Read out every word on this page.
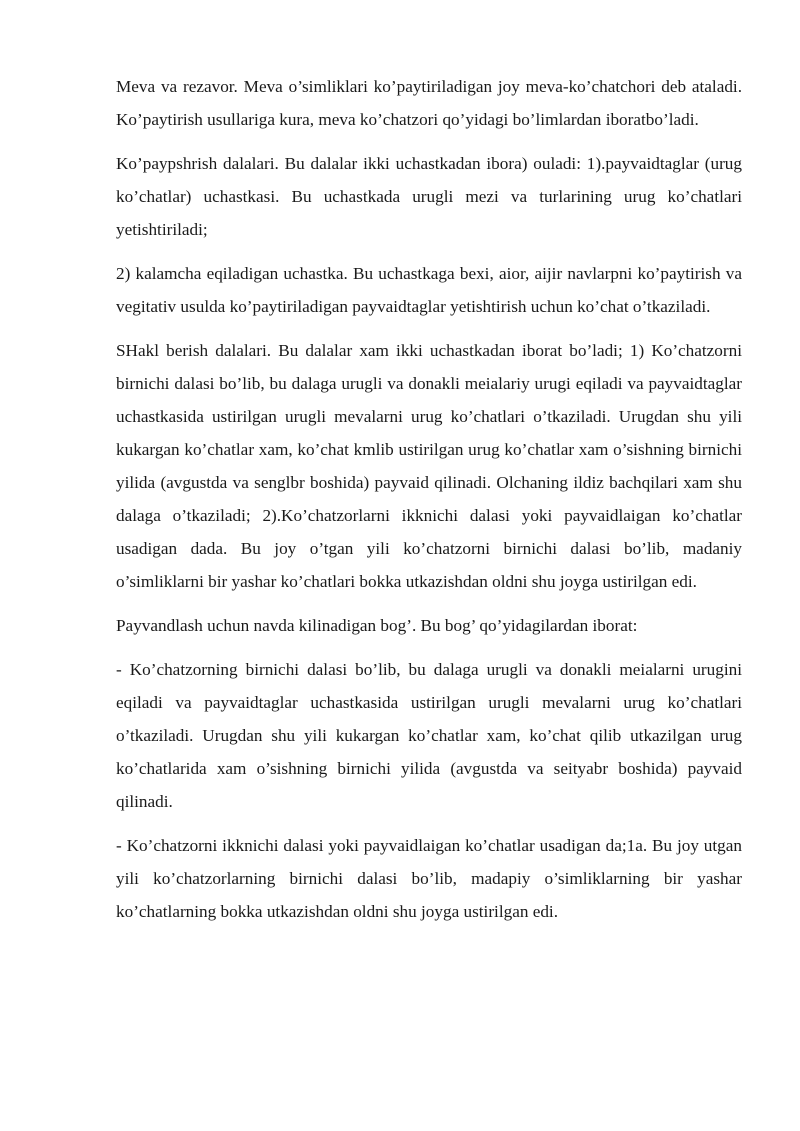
Meva va rezavor. Meva o’simliklari ko’paytiriladigan joy meva-ko’chatchori deb ataladi. Ko’paytirish usullariga kura, meva ko’chatzori qo’yidagi bo’limlardan iboratbo’ladi.

Ko’paypshrish dalalari. Bu dalalar ikki uchastkadan ibora) ouladi: 1).payvaidtaglar (urug ko’chatlar) uchastkasi. Bu uchastkada urugli mezi va turlarining urug ko’chatlari yetishtiriladi;

2) kalamcha eqiladigan uchastka. Bu uchastkaga bexi, aior, aijir navlarpni ko’paytirish va vegitativ usulda ko’paytiriladigan payvaidtaglar yetishtirish uchun ko’chat o’tkaziladi.

SHakl berish dalalari. Bu dalalar xam ikki uchastkadan iborat bo’ladi; 1) Ko’chatzorni birnichi dalasi bo’lib, bu dalaga urugli va donakli meialariy urugi eqiladi va payvaidtaglar uchastkasida ustirilgan urugli mevalarni urug ko’chatlari o’tkaziladi. Urugdan shu yili kukargan ko’chatlar xam, ko’chat kmlib ustirilgan urug ko’chatlar xam o’sishning birnichi yilida (avgustda va senglbr boshida) payvaid qilinadi. Olchaning ildiz bachqilari xam shu dalaga o’tkaziladi; 2).Ko’chatzorlarni ikknichi dalasi yoki payvaidlaigan ko’chatlar usadigan dada. Bu joy o’tgan yili ko’chatzorni birnichi dalasi bo’lib, madaniy o’simliklarni bir yashar ko’chatlari bokka utkazishdan oldni shu joyga ustirilgan edi.

Payvandlash uchun navda kilinadigan bog’. Bu bog’ qo’yidagilardan iborat:

- Ko’chatzorning birnichi dalasi bo’lib, bu dalaga urugli va donakli meialarni urugini eqiladi va payvaidtaglar uchastkasida ustirilgan urugli mevalarni urug ko’chatlari o’tkaziladi. Urugdan shu yili kukargan ko’chatlar xam, ko’chat qilib utkazilgan urug ko’chatlarida xam o’sishning birnichi yilida (avgustda va seityabr boshida) payvaid qilinadi.

- Ko’chatzorni ikknichi dalasi yoki payvaidlaigan ko’chatlar usadigan da;1a. Bu joy utgan yili ko’chatzorlarning birnichi dalasi bo’lib, madapiy o’simliklarning bir yashar ko’chatlarning bokka utkazishdan oldni shu joyga ustirilgan edi.
